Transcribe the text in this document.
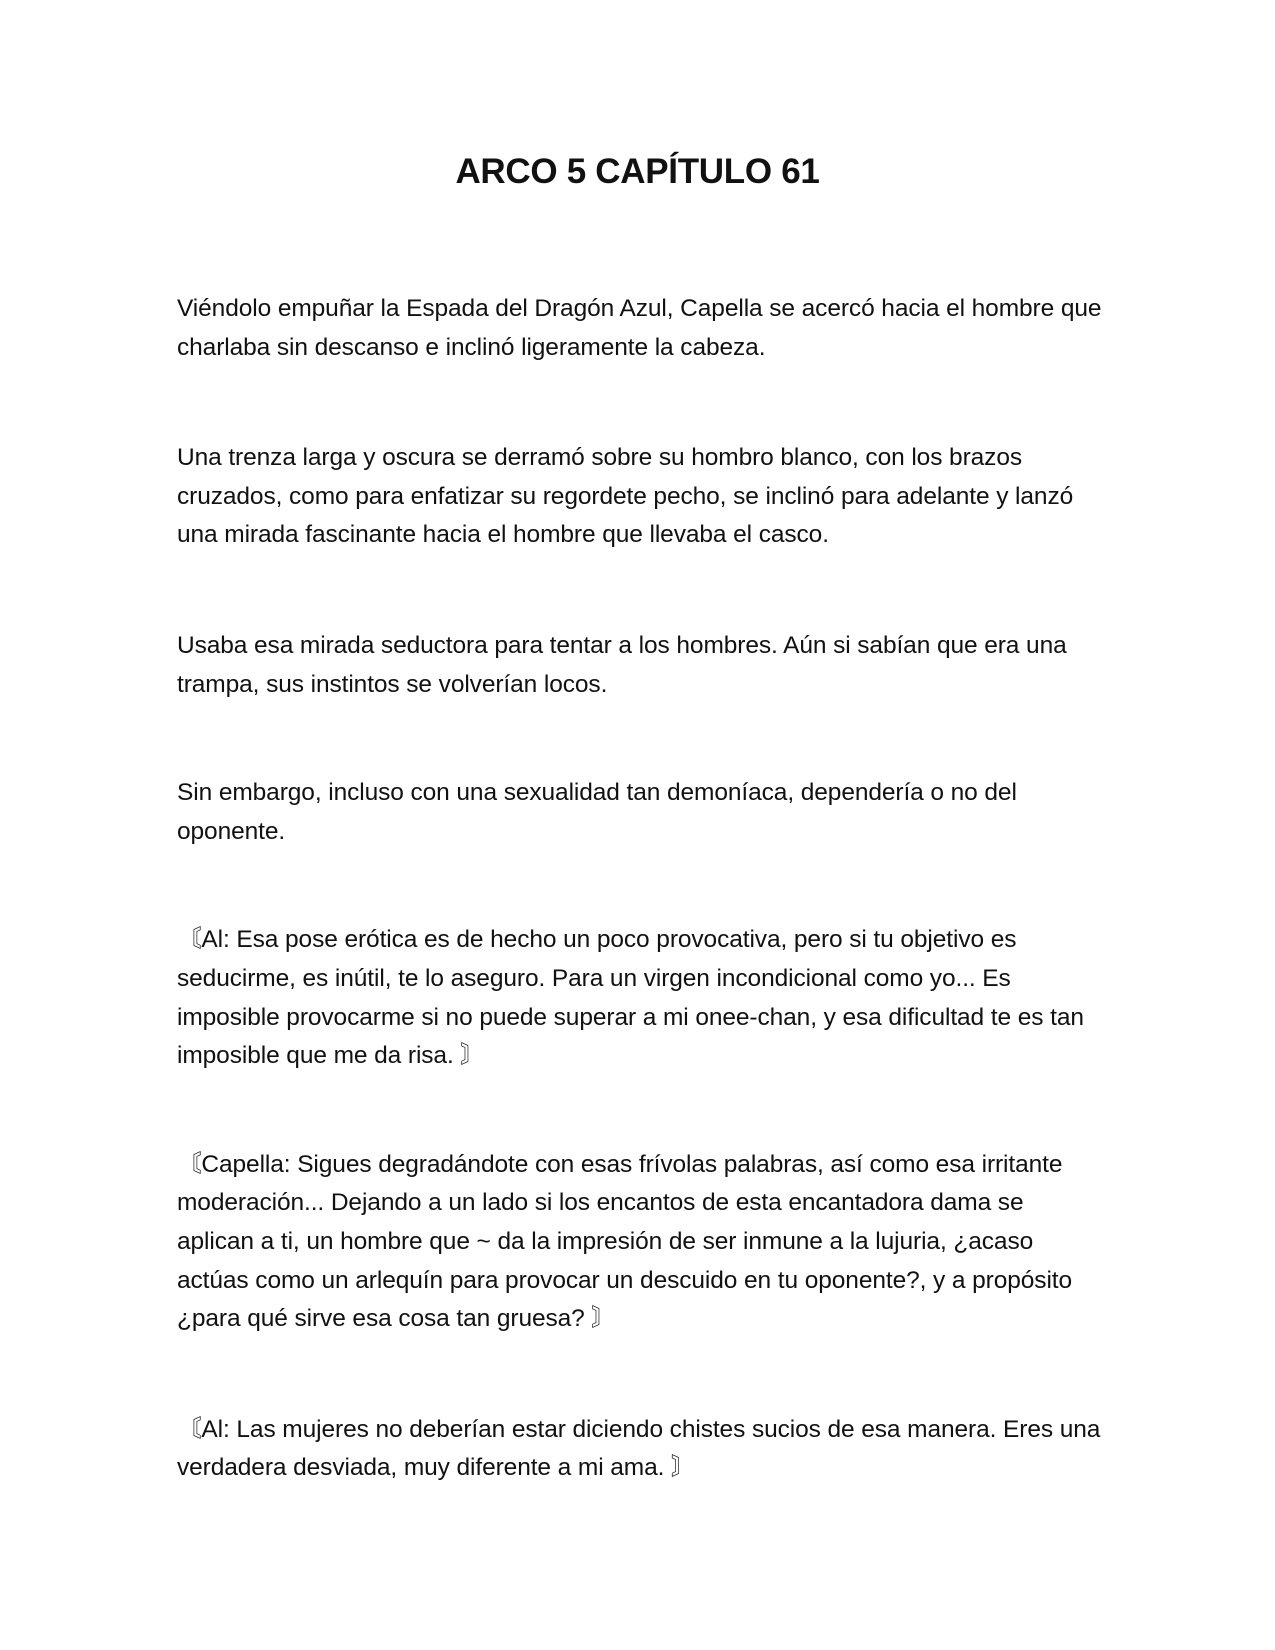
ARCO 5 CAPÍTULO 61

Viéndolo empuñar la Espada del Dragón Azul, Capella se acercó hacia el hombre que charlaba sin descanso e inclinó ligeramente la cabeza.

Una trenza larga y oscura se derramó sobre su hombro blanco, con los brazos cruzados, como para enfatizar su regordete pecho, se inclinó para adelante y lanzó una mirada fascinante hacia el hombre que llevaba el casco.

Usaba esa mirada seductora para tentar a los hombres. Aún si sabían que era una trampa, sus instintos se volverían locos.

Sin embargo, incluso con una sexualidad tan demoníaca, dependería o no del oponente.

〘Al: Esa pose erótica es de hecho un poco provocativa, pero si tu objetivo es seducirme, es inútil, te lo aseguro. Para un virgen incondicional como yo... Es imposible provocarme si no puede superar a mi onee-chan, y esa dificultad te es tan imposible que me da risa. 〙

〘Capella: Sigues degradándote con esas frívolas palabras, así como esa irritante moderación... Dejando a un lado si los encantos de esta encantadora dama se aplican a ti, un hombre que ~ da la impresión de ser inmune a la lujuria, ¿acaso actúas como un arlequín para provocar un descuido en tu oponente?, y a propósito ¿para qué sirve esa cosa tan gruesa? 〙

〘Al: Las mujeres no deberían estar diciendo chistes sucios de esa manera. Eres una verdadera desviada, muy diferente a mi ama. 〙
